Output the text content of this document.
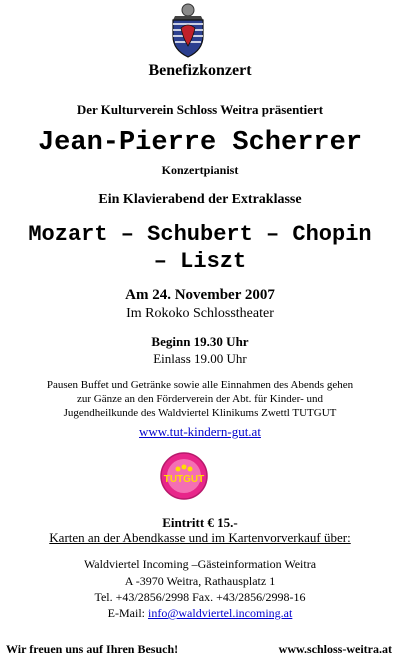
Benefizkonzert
Der Kulturverein Schloss Weitra präsentiert
Jean-Pierre Scherrer
Konzertpianist
Ein Klavierabend der Extraklasse
Mozart – Schubert – Chopin
– Liszt
Am 24. November 2007
Im Rokoko Schlosstheater
Beginn 19.30 Uhr
Einlass 19.00 Uhr
Pausen Buffet und Getränke sowie alle Einnahmen des Abends gehen
zur Gänze an den Förderverein der Abt. für Kinder- und
Jugendheilkunde des Waldviertel Klinikums Zwettl TUTGUT
www.tut-kindern-gut.at
TUTGUT
Eintritt € 15.-
Karten an der Abendkasse und im Kartenvorverkauf über:
Waldviertel Incoming –Gästeinformation Weitra
A -3970 Weitra, Rathausplatz 1
Tel. +43/2856/2998 Fax. +43/2856/2998-16
E-Mail: info@waldviertel.incoming.at
Wir freuen uns auf Ihren Besuch!	www.schloss-weitra.at
